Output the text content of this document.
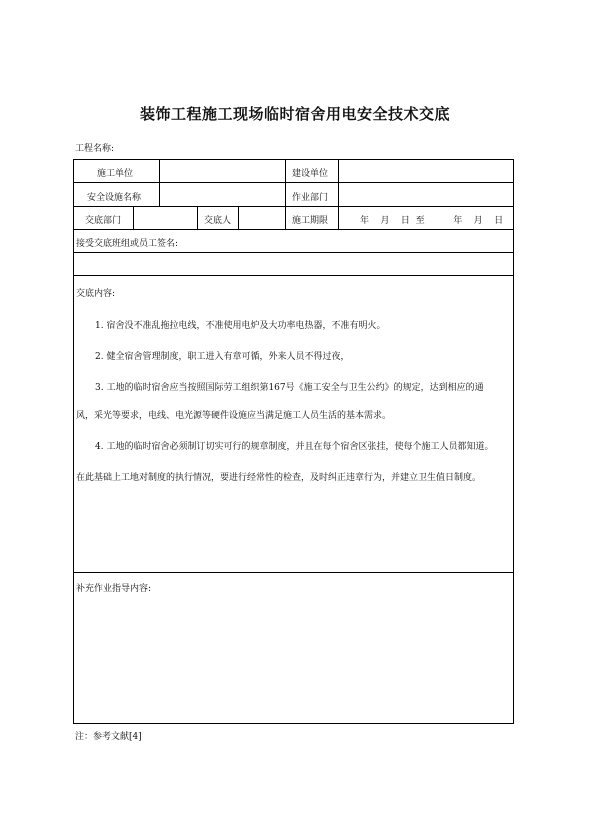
装饰工程施工现场临时宿舍用电安全技术交底
工程名称:
施工单位	建设单位
安全设施名称	作业部门
交底部门	交底人	施工期限	年    月    日  至          年    月    日
接受交底班组或员工签名:
交底内容:
1. 宿舍没不准乱拖拉电线，不准使用电炉及大功率电热器，不准有明火。
2. 健全宿舍管理制度，职工进入有章可循，外来人员不得过夜，
3. 工地的临时宿舍应当按照国际劳工组织第167号《施工安全与卫生公约》的规定，达到相应的通
风，采光等要求，电线、电光源等硬件设施应当满足施工人员生活的基本需求。
4. 工地的临时宿舍必须制订切实可行的规章制度，并且在每个宿舍区张挂，使每个施工人员都知道。
在此基础上工地对制度的执行情况，要进行经常性的检查，及时纠正违章行为，并建立卫生值日制度。
补充作业指导内容:
注：参考文献[4]
